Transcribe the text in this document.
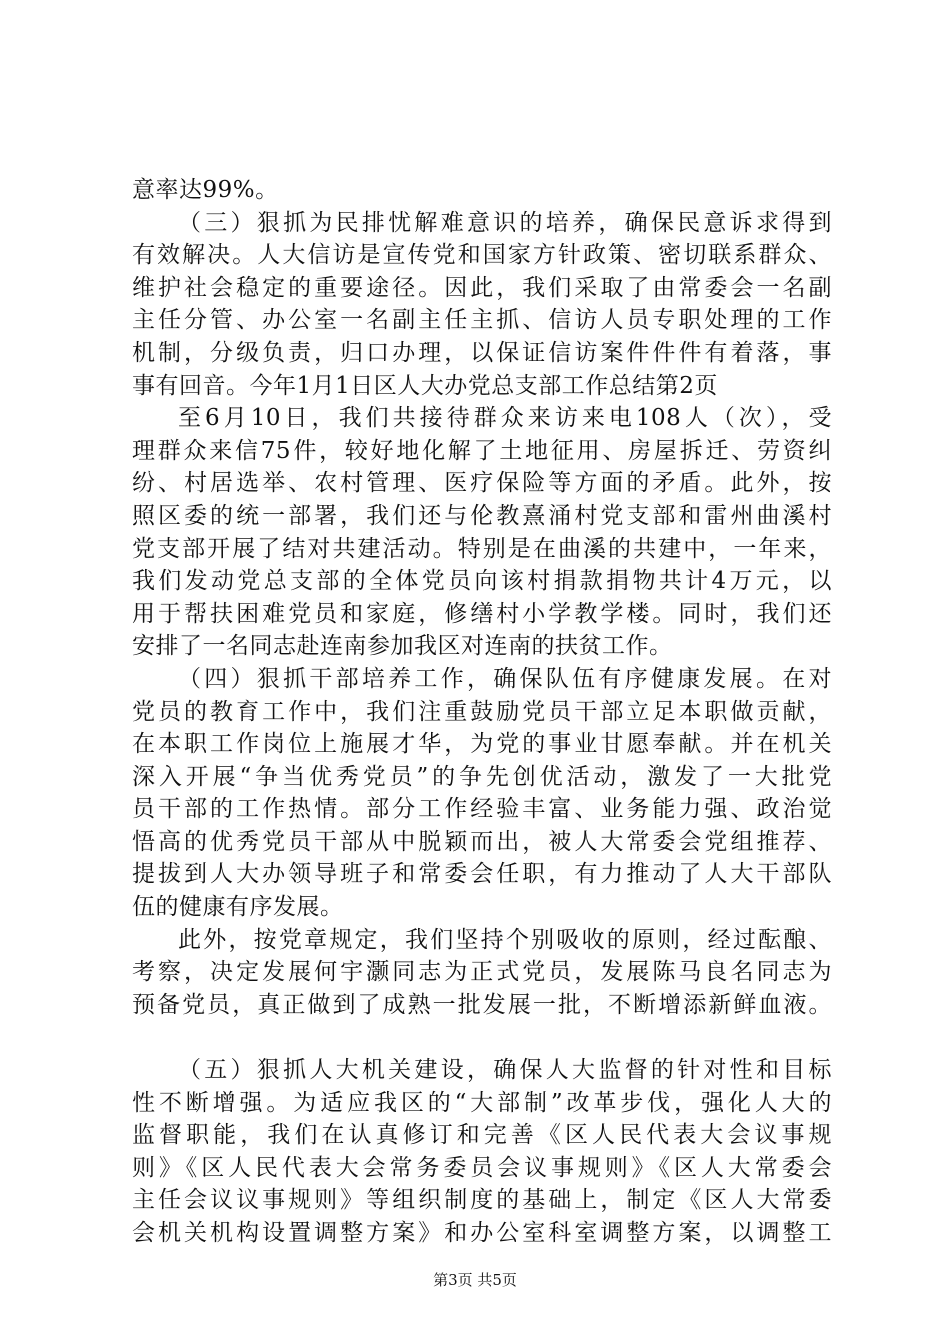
意率达99%。
（三）狠抓为民排忧解难意识的培养，确保民意诉求得到
有效解决。人大信访是宣传党和国家方针政策、密切联系群众、
维护社会稳定的重要途径。因此，我们采取了由常委会一名副
主任分管、办公室一名副主任主抓、信访人员专职处理的工作
机制，分级负责，归口办理，以保证信访案件件件有着落，事
事有回音。今年1月1日区人大办党总支部工作总结第2页
至6月10日，我们共接待群众来访来电108人（次），受
理群众来信75件，较好地化解了土地征用、房屋拆迁、劳资纠
纷、村居选举、农村管理、医疗保险等方面的矛盾。此外，按
照区委的统一部署，我们还与伦教熹涌村党支部和雷州曲溪村
党支部开展了结对共建活动。特别是在曲溪的共建中，一年来，
我们发动党总支部的全体党员向该村捐款捐物共计4万元，以
用于帮扶困难党员和家庭，修缮村小学教学楼。同时，我们还
安排了一名同志赴连南参加我区对连南的扶贫工作。
（四）狠抓干部培养工作，确保队伍有序健康发展。在对
党员的教育工作中，我们注重鼓励党员干部立足本职做贡献，
在本职工作岗位上施展才华，为党的事业甘愿奉献。并在机关
深入开展“争当优秀党员”的争先创优活动，激发了一大批党
员干部的工作热情。部分工作经验丰富、业务能力强、政治觉
悟高的优秀党员干部从中脱颖而出，被人大常委会党组推荐、
提拔到人大办领导班子和常委会任职，有力推动了人大干部队
伍的健康有序发展。
此外，按党章规定，我们坚持个别吸收的原则，经过酝酿、
考察，决定发展何宇灏同志为正式党员，发展陈马良名同志为
预备党员，真正做到了成熟一批发展一批，不断增添新鲜血液。
（五）狠抓人大机关建设，确保人大监督的针对性和目标
性不断增强。为适应我区的“大部制”改革步伐，强化人大的
监督职能，我们在认真修订和完善《区人民代表大会议事规
则》《区人民代表大会常务委员会议事规则》《区人大常委会
主任会议议事规则》等组织制度的基础上，制定《区人大常委
会机关机构设置调整方案》和办公室科室调整方案，以调整工
第3页 共5页
